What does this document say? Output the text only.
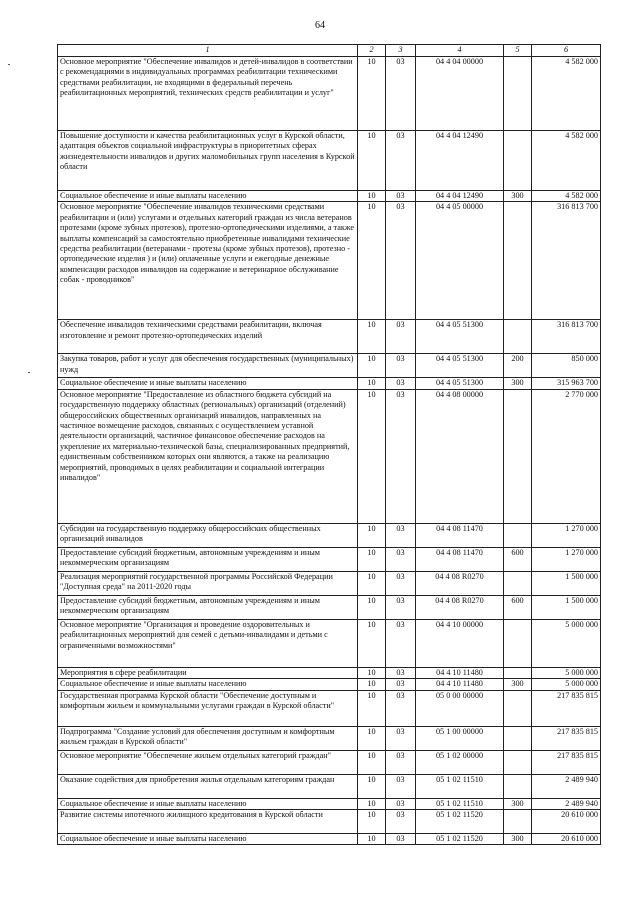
64
1	2	3	4	5	6
Основное мероприятие "Обеспечение инвалидов и детей-инвалидов в соответствии с рекомендациями в индивидуальных программах реабилитации техническими средствами реабилитации, не входящими в федеральный перечень реабилитационных мероприятий, технических средств реабилитации и услуг"	10	03	04 4 04 00000		4 582 000
Повышение доступности и качества реабилитационных услуг в Курской области, адаптация объектов социальной инфраструктуры в приоритетных сферах жизнедеятельности инвалидов и других маломобильных групп населения в Курской области	10	03	04 4 04 12490		4 582 000
Социальное обеспечение и иные выплаты населению	10	03	04 4 04 12490	300	4 582 000
Основное мероприятие "Обеспечение инвалидов техническими средствами реабилитации и (или) услугами и отдельных категорий граждан из числа ветеранов протезами (кроме зубных протезов), протезно-ортопедическими изделиями, а также выплаты компенсаций за самостоятельно приобретенные инвалидами технические средства реабилитации (ветеранами - протезы (кроме зубных протезов), протезно - ортопедические изделия ) и (или) оплаченные услуги и ежегодные денежные компенсации расходов инвалидов на содержание и ветеринарное обслуживание собак - проводников"	10	03	04 4 05 00000		316 813 700
Обеспечение инвалидов техническими средствами реабилитации, включая изготовление и ремонт протезно-ортопедических изделий	10	03	04 4 05 51300		316 813 700
Закупка товаров, работ и услуг для обеспечения государственных (муниципальных) нужд	10	03	04 4 05 51300	200	850 000
Социальное обеспечение и иные выплаты населению	10	03	04 4 05 51300	300	315 963 700
Основное мероприятие "Предоставление из областного бюджета субсидий на государственную поддержку областных (региональных) организаций (отделений) общероссийских общественных организаций инвалидов, направленных на частичное возмещение расходов, связанных с осуществлением уставной деятельности организаций, частичное финансовое обеспечение расходов на укрепление их материально-технической базы, специализированных предприятий, единственным собственником которых они являются, а также на реализацию мероприятий, проводимых в целях реабилитации и социальной интеграции инвалидов"	10	03	04 4 08 00000		2 770 000
Субсидии на государственную поддержку общероссийских общественных организаций инвалидов	10	03	04 4 08 11470		1 270 000
Предоставление субсидий бюджетным, автономным учреждениям и иным некоммерческим организациям	10	03	04 4 08 11470	600	1 270 000
Реализация мероприятий государственной программы Российской Федерации "Доступная среда" на 2011-2020 годы	10	03	04 4 08 R0270		1 500 000
Предоставление субсидий бюджетным, автономным учреждениям и иным некоммерческим организациям	10	03	04 4 08 R0270	600	1 500 000
Основное мероприятие "Организация и проведение оздоровительных и реабилитационных мероприятий для семей с детьми-инвалидами и детьми с ограниченными возможностями"	10	03	04 4 10 00000		5 000 000
Мероприятия в сфере реабилитации	10	03	04 4 10 11480		5 000 000
Социальное обеспечение и иные выплаты населению	10	03	04 4 10 11480	300	5 000 000
Государственная программа Курской области "Обеспечение доступным и комфортным жильем и коммунальными услугами граждан в Курской области"	10	03	05 0 00 00000		217 835 815
Подпрограмма "Создание условий для обеспечения доступным и комфортным жильем граждан в Курской области"	10	03	05 1 00 00000		217 835 815
Основное мероприятие "Обеспечение жильем отдельных категорий граждан"	10	03	05 1 02 00000		217 835 815
Оказание содействия для приобретения жилья отдельным категориям граждан	10	03	05 1 02 11510		2 489 940
Социальное обеспечение и иные выплаты населению	10	03	05 1 02 11510	300	2 489 940
Развитие системы ипотечного жилищного кредитования в Курской области	10	03	05 1 02 11520		20 610 000
Социальное обеспечение и иные выплаты населению	10	03	05 1 02 11520	300	20 610 000
